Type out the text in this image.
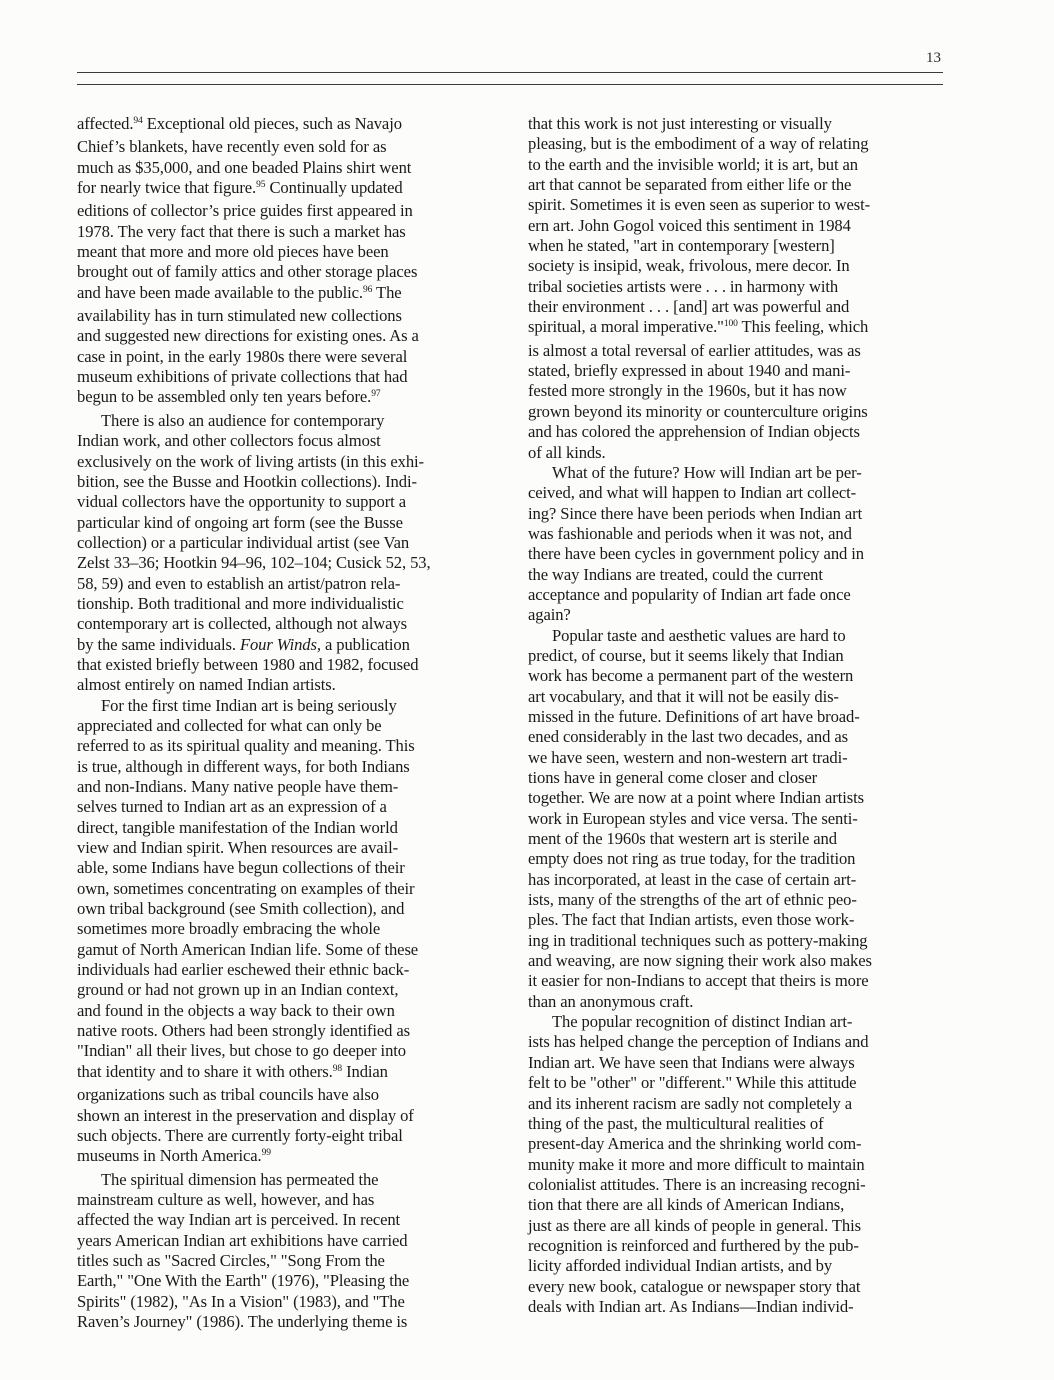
13

affected.$^{94}$ Exceptional old pieces, such as Navajo
Chief’s blankets, have recently even sold for as
much as $35,000, and one beaded Plains shirt went
for nearly twice that figure.$^{95}$ Continually updated
editions of collector’s price guides first appeared in
1978. The very fact that there is such a market has
meant that more and more old pieces have been
brought out of family attics and other storage places
and have been made available to the public.$^{96}$ The
availability has in turn stimulated new collections
and suggested new directions for existing ones. As a
case in point, in the early 1980s there were several
museum exhibitions of private collections that had
begun to be assembled only ten years before.$^{97}$

There is also an audience for contemporary
Indian work, and other collectors focus almost
exclusively on the work of living artists (in this exhi-
bition, see the Busse and Hootkin collections). Indi-
vidual collectors have the opportunity to support a
particular kind of ongoing art form (see the Busse
collection) or a particular individual artist (see Van
Zelst 33–36; Hootkin 94–96, 102–104; Cusick 52, 53,
58, 59) and even to establish an artist/patron rela-
tionship. Both traditional and more individualistic
contemporary art is collected, although not always
by the same individuals. Four Winds, a publication
that existed briefly between 1980 and 1982, focused
almost entirely on named Indian artists.

For the first time Indian art is being seriously
appreciated and collected for what can only be
referred to as its spiritual quality and meaning. This
is true, although in different ways, for both Indians
and non-Indians. Many native people have them-
selves turned to Indian art as an expression of a
direct, tangible manifestation of the Indian world
view and Indian spirit. When resources are avail-
able, some Indians have begun collections of their
own, sometimes concentrating on examples of their
own tribal background (see Smith collection), and
sometimes more broadly embracing the whole
gamut of North American Indian life. Some of these
individuals had earlier eschewed their ethnic back-
ground or had not grown up in an Indian context,
and found in the objects a way back to their own
native roots. Others had been strongly identified as
"Indian" all their lives, but chose to go deeper into
that identity and to share it with others.$^{98}$ Indian
organizations such as tribal councils have also
shown an interest in the preservation and display of
such objects. There are currently forty-eight tribal
museums in North America.$^{99}$

The spiritual dimension has permeated the
mainstream culture as well, however, and has
affected the way Indian art is perceived. In recent
years American Indian art exhibitions have carried
titles such as "Sacred Circles," "Song From the
Earth," "One With the Earth" (1976), "Pleasing the
Spirits" (1982), "As In a Vision" (1983), and "The
Raven’s Journey" (1986). The underlying theme is

that this work is not just interesting or visually
pleasing, but is the embodiment of a way of relating
to the earth and the invisible world; it is art, but an
art that cannot be separated from either life or the
spirit. Sometimes it is even seen as superior to west-
ern art. John Gogol voiced this sentiment in 1984
when he stated, "art in contemporary [western]
society is insipid, weak, frivolous, mere decor. In
tribal societies artists were . . . in harmony with
their environment . . . [and] art was powerful and
spiritual, a moral imperative."$^{100}$ This feeling, which
is almost a total reversal of earlier attitudes, was as
stated, briefly expressed in about 1940 and mani-
fested more strongly in the 1960s, but it has now
grown beyond its minority or counterculture origins
and has colored the apprehension of Indian objects
of all kinds.

What of the future? How will Indian art be per-
ceived, and what will happen to Indian art collect-
ing? Since there have been periods when Indian art
was fashionable and periods when it was not, and
there have been cycles in government policy and in
the way Indians are treated, could the current
acceptance and popularity of Indian art fade once
again?

Popular taste and aesthetic values are hard to
predict, of course, but it seems likely that Indian
work has become a permanent part of the western
art vocabulary, and that it will not be easily dis-
missed in the future. Definitions of art have broad-
ened considerably in the last two decades, and as
we have seen, western and non-western art tradi-
tions have in general come closer and closer
together. We are now at a point where Indian artists
work in European styles and vice versa. The senti-
ment of the 1960s that western art is sterile and
empty does not ring as true today, for the tradition
has incorporated, at least in the case of certain art-
ists, many of the strengths of the art of ethnic peo-
ples. The fact that Indian artists, even those work-
ing in traditional techniques such as pottery-making
and weaving, are now signing their work also makes
it easier for non-Indians to accept that theirs is more
than an anonymous craft.

The popular recognition of distinct Indian art-
ists has helped change the perception of Indians and
Indian art. We have seen that Indians were always
felt to be "other" or "different." While this attitude
and its inherent racism are sadly not completely a
thing of the past, the multicultural realities of
present-day America and the shrinking world com-
munity make it more and more difficult to maintain
colonialist attitudes. There is an increasing recogni-
tion that there are all kinds of American Indians,
just as there are all kinds of people in general. This
recognition is reinforced and furthered by the pub-
licity afforded individual Indian artists, and by
every new book, catalogue or newspaper story that
deals with Indian art. As Indians—Indian individ-
